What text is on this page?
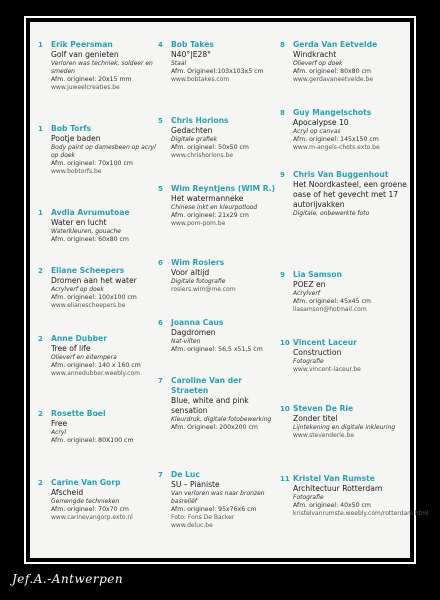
1 Erik Peersman
Golf van genieten
Verloren was techniek, soldeer en smeden
Afm. origineel: 20x15 mm
www.juweelcreaties.be
1 Bob Torfs
Pootje baden
Body paint op damesbeen op acryl op doek
Afm. origineel: 70x100 cm
www.bobtorfs.be
1 Avdia Avrumutoae
Water en lucht
Waterkleuren, gouache
Afm. origineel: 60x80 cm
2 Eliane Scheepers
Dromen aan het water
Acrylverf op doek
Afm. origineel: 100x100 cm
www.elianescheepers.be
2 Anne Dubber
Tree of life
Olieverf en eitempera
Afm. origineel: 140 x 160 cm
www.annedubber.weebly.com
2 Rosette Boel
Free
Acryl
Afm. origineel: 80X100 cm
2 Carine Van Gorp
Afscheid
Gemengde technieken
Afm. origineel: 70x70 cm
www.carinevangorp.exto.nl
4 Bob Takes
N40°|E28°
Staal
Afm. Origineel:103x103x5 cm
www.bobtakes.com
5 Chris Horions
Gedachten
Digitale grafiek
Afm. origineel: 50x50 cm
www.chrishorions.be
5 Wim Reyntjens (WIM R.)
Het watermanneke
Chinese inkt en kleurpotlood
Afm. origineel: 21x29 cm
www.pom-pom.be
6 Wim Rosiers
Voor altijd
Digitale fotografie
rosiers.wim@me.com
6 Joanna Caus
Dagdromen
Nat-vilten
Afm. origineel: 56,5 x51,5 cm
7 Caroline Van der Straeten
Blue, white and pink sensation
Kleurdruk, digitale fotobewerking
Afm. Origineel: 200x200 cm
7 De Luc
SU – Pianiste
Van verloren was naar bronzen basreliëf
Afm. origineel: 95x76x6 cm
Foto: Fons De Backer www.deluc.be
8 Gerda Van Eetvelde
Windkracht
Olieverf op doek
Afm. origineel: 80x80 cm
www.gerdavaneetvelde.be
8 Guy Mangelschots
Apocalypse 10
Acryl op canvas
Afm. origineel: 145x150 cm
www.m-angels-chots.exto.be
9 Chris Van Buggenhout
Het Noordkasteel, een groene oase of het gevecht met 17 autorijvakken
Digitale, onbewerkte foto
9 Lia Samson
POEZ en
Acrylverf
Afm. origineel: 45x45 cm
liasamson@hotmail.com
10 Vincent Laceur
Construction
Fotografie
www.vincent-laceur.be
10 Steven De Rie
Zonder titel
Lijntekening en digitale inkleuring
www.stevenderie.be
11 Kristel Van Rumste
Architectuur Rotterdam
Fotografie
Afm. origineel: 40x50 cm
kristelvanrumste.weebly.com/rotterdam.html
Jef.A.-Antwerpen
